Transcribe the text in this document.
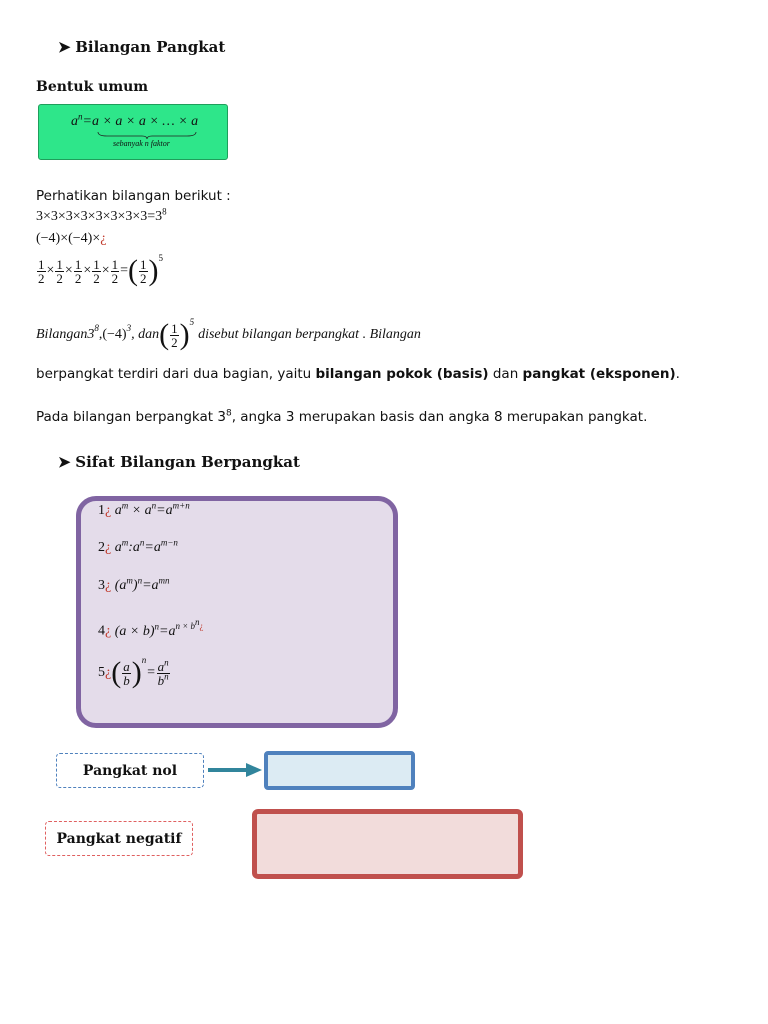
➤ Bilangan Pangkat
Bentuk umum
$a^n=a \times a \times a$ × … × a
sebanyak n faktor
Perhatikan bilangan berikut :
$3\times 3\times 3\times 3\times 3\times 3\times 3\times 3=3^8$
(−4)×(−4)×¿
$\frac{1}{2} \times \frac{1}{2} \times \frac{1}{2} \times \frac{1}{2} \times \frac{1}{2}$ = ( $\frac{1}{2}$ ) 5
Bilangan3 8 ,(−4) 3 , dan ( $\frac{1}{2}$ ) 5
disebut bilangan berpangkat . Bilangan
berpangkat terdiri dari dua bagian, yaitu bilangan pokok (basis) dan pangkat (eksponen).
Pada bilangan berpangkat $3^8$, angka 3 merupakan basis dan angka 8 merupakan pangkat.
➤ Sifat Bilangan Berpangkat
1¿ $a^m \times a^n=a^{m+n}$
2¿ $a^m:a^n=a^{m-n}$
3¿ $(a^m)^n=a^{mn}$
4¿ $(a \times b)^n=a^{n \times b^n¿}$
5 ¿ ( $\frac{a}{b}$ ) n
= $\frac{a^n}{b^n}$
Pangkat nol
Pangkat negatif
